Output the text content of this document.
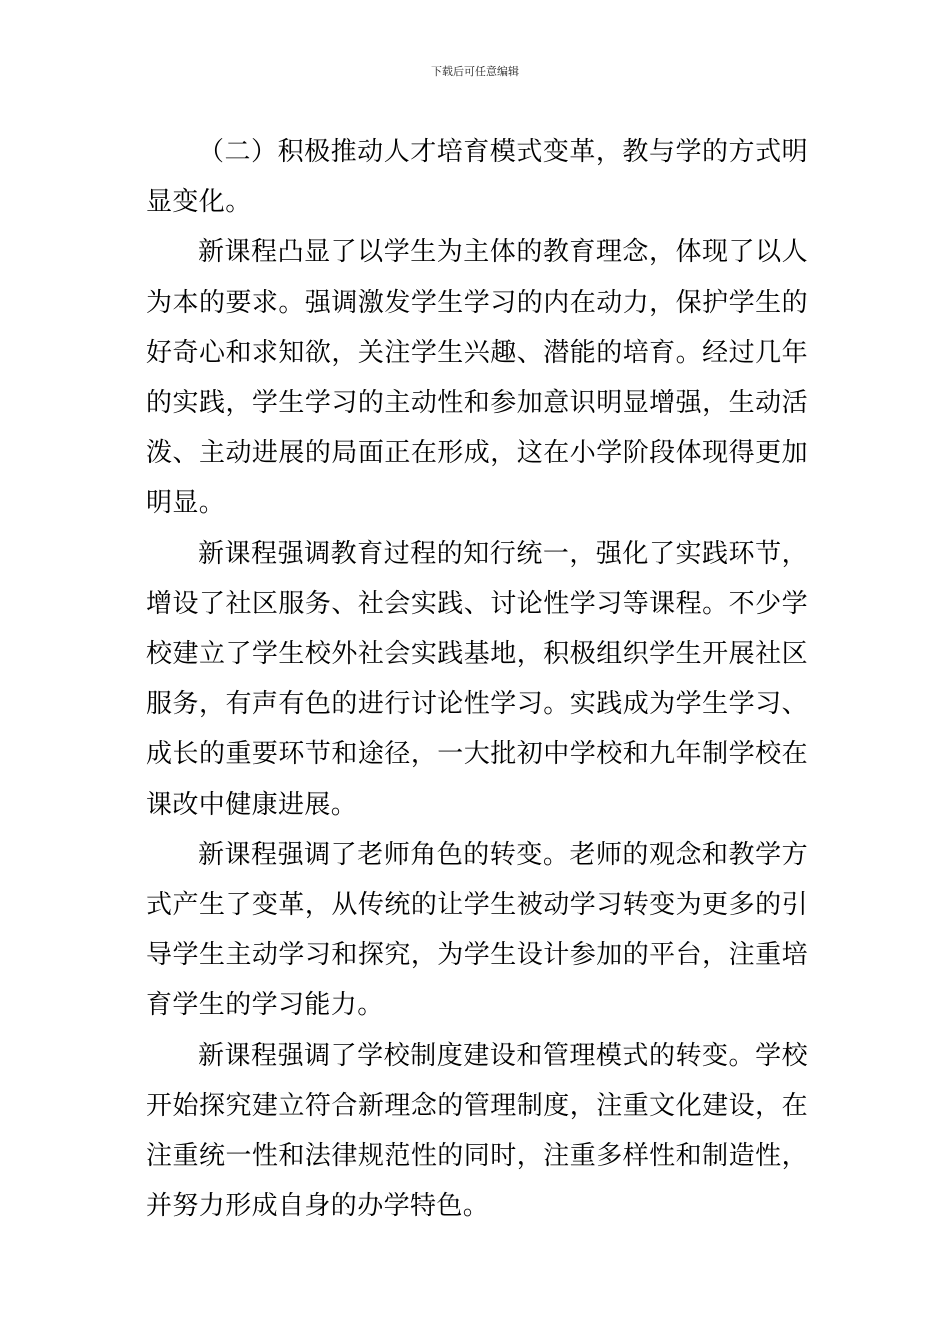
下载后可任意编辑

（二）积极推动人才培育模式变革，教与学的方式明显变化。

新课程凸显了以学生为主体的教育理念，体现了以人为本的要求。强调激发学生学习的内在动力，保护学生的好奇心和求知欲，关注学生兴趣、潜能的培育。经过几年的实践，学生学习的主动性和参加意识明显增强，生动活泼、主动进展的局面正在形成，这在小学阶段体现得更加明显。

新课程强调教育过程的知行统一，强化了实践环节，增设了社区服务、社会实践、讨论性学习等课程。不少学校建立了学生校外社会实践基地，积极组织学生开展社区服务，有声有色的进行讨论性学习。实践成为学生学习、成长的重要环节和途径，一大批初中学校和九年制学校在课改中健康进展。

新课程强调了老师角色的转变。老师的观念和教学方式产生了变革，从传统的让学生被动学习转变为更多的引导学生主动学习和探究，为学生设计参加的平台，注重培育学生的学习能力。

新课程强调了学校制度建设和管理模式的转变。学校开始探究建立符合新理念的管理制度，注重文化建设，在注重统一性和法律规范性的同时，注重多样性和制造性，并努力形成自身的办学特色。
